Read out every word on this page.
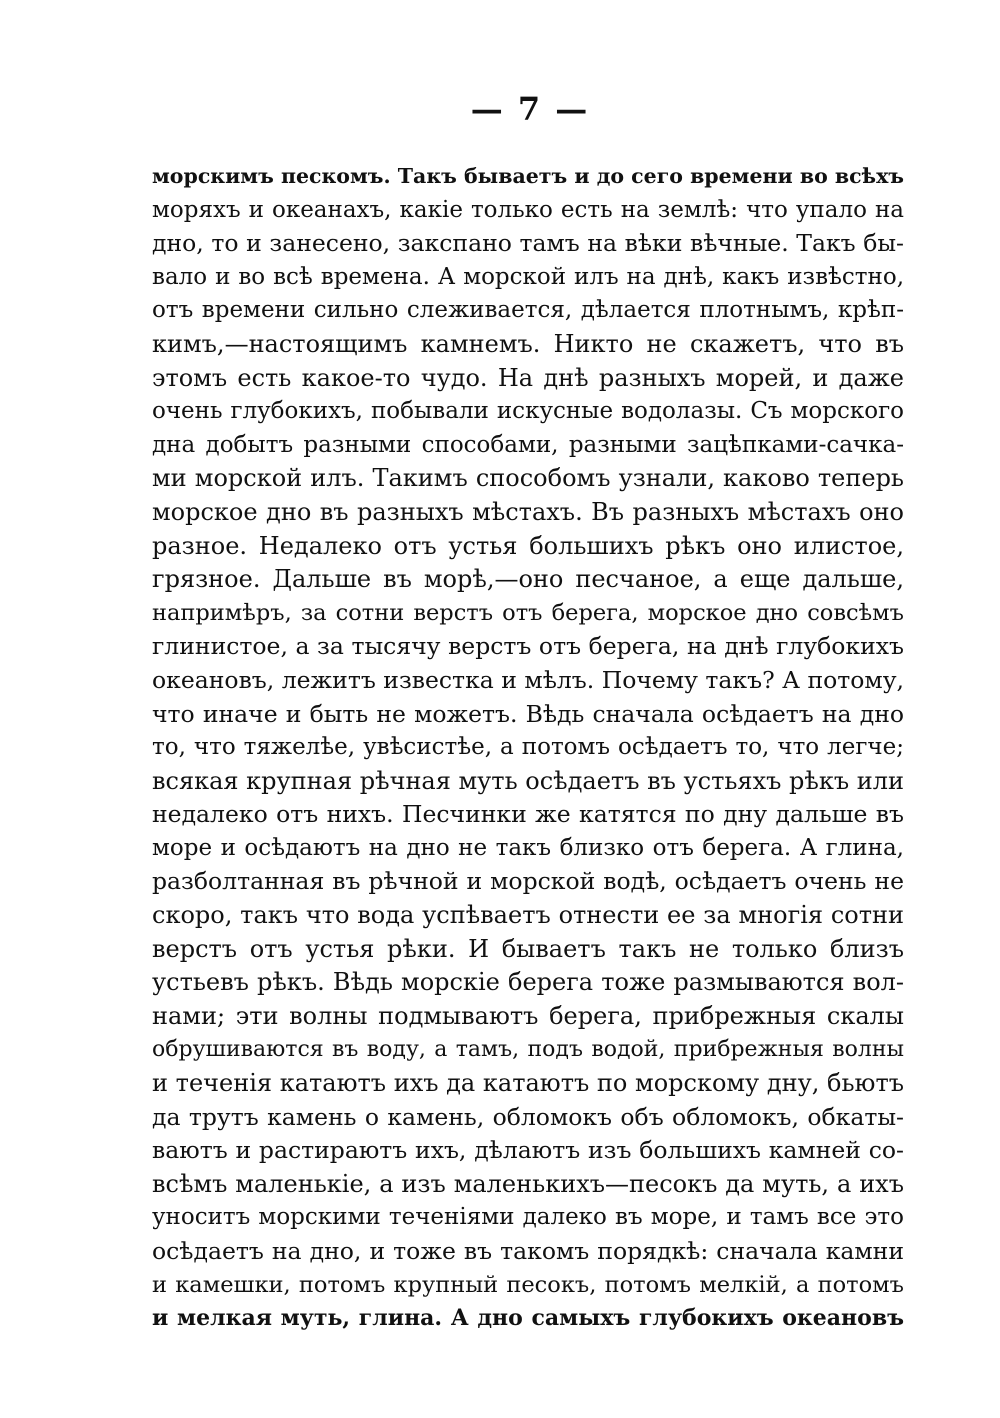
— 7 —
морскимъ пескомъ. Такъ бываетъ и до сего времени во всѣхъ
моряхъ и океанахъ, какіе только есть на землѣ: что упало на
дно, то и занесено, закспано тамъ на вѣки вѣчные. Такъ бы-
вало и во всѣ времена. А морской илъ на днѣ, какъ извѣстно,
отъ времени сильно слеживается, дѣлается плотнымъ, крѣп-
кимъ,—настоящимъ камнемъ. Никто не скажетъ, что въ
этомъ есть какое-то чудо. На днѣ разныхъ морей, и даже
очень глубокихъ, побывали искусные водолазы. Съ морского
дна добытъ разными способами, разными зацѣпками-сачка-
ми морской илъ. Такимъ способомъ узнали, каково теперь
морское дно въ разныхъ мѣстахъ. Въ разныхъ мѣстахъ оно
разное. Недалеко отъ устья большихъ рѣкъ оно илистое,
грязное. Дальше въ морѣ,—оно песчаное, а еще дальше,
напримѣръ, за сотни верстъ отъ берега, морское дно совсѣмъ
глинистое, а за тысячу верстъ отъ берега, на днѣ глубокихъ
океановъ, лежитъ известка и мѣлъ. Почему такъ? А потому,
что иначе и быть не можетъ. Вѣдь сначала осѣдаетъ на дно
то, что тяжелѣе, увѣсистѣе, а потомъ осѣдаетъ то, что легче;
всякая крупная рѣчная муть осѣдаетъ въ устьяхъ рѣкъ или
недалеко отъ нихъ. Песчинки же катятся по дну дальше въ
море и осѣдаютъ на дно не такъ близко отъ берега. А глина,
разболтанная въ рѣчной и морской водѣ, осѣдаетъ очень не
скоро, такъ что вода успѣваетъ отнести ее за многія сотни
верстъ отъ устья рѣки. И бываетъ такъ не только близъ
устьевъ рѣкъ. Вѣдь морскіе берега тоже размываются вол-
нами; эти волны подмываютъ берега, прибрежныя скалы
обрушиваются въ воду, а тамъ, подъ водой, прибрежныя волны
и теченія катаютъ ихъ да катаютъ по морскому дну, бьютъ
да трутъ камень о камень, обломокъ объ обломокъ, обкаты-
ваютъ и растираютъ ихъ, дѣлаютъ изъ большихъ камней со-
всѣмъ маленькіе, а изъ маленькихъ—песокъ да муть, а ихъ
уноситъ морскими теченіями далеко въ море, и тамъ все это
осѣдаетъ на дно, и тоже въ такомъ порядкѣ: сначала камни
и камешки, потомъ крупный песокъ, потомъ мелкій, а потомъ
и мелкая муть, глина. А дно самыхъ глубокихъ океановъ
